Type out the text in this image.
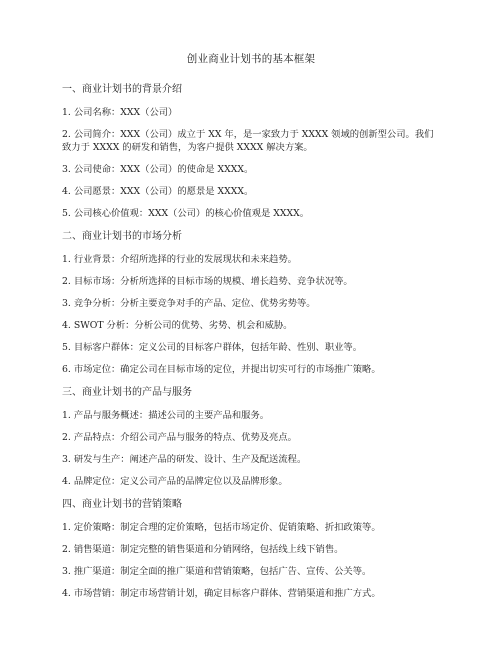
创业商业计划书的基本框架
一、商业计划书的背景介绍
1. 公司名称：XXX（公司）
2. 公司简介：XXX（公司）成立于 XX 年，是一家致力于 XXXX 领域的创新型公司。我们致力于 XXXX 的研发和销售，为客户提供 XXXX 解决方案。
3. 公司使命：XXX（公司）的使命是 XXXX。
4. 公司愿景：XXX（公司）的愿景是 XXXX。
5. 公司核心价值观：XXX（公司）的核心价值观是 XXXX。
二、商业计划书的市场分析
1. 行业背景：介绍所选择的行业的发展现状和未来趋势。
2. 目标市场：分析所选择的目标市场的规模、增长趋势、竞争状况等。
3. 竞争分析：分析主要竞争对手的产品、定位、优势劣势等。
4. SWOT 分析：分析公司的优势、劣势、机会和威胁。
5. 目标客户群体：定义公司的目标客户群体，包括年龄、性别、职业等。
6. 市场定位：确定公司在目标市场的定位，并提出切实可行的市场推广策略。
三、商业计划书的产品与服务
1. 产品与服务概述：描述公司的主要产品和服务。
2. 产品特点：介绍公司产品与服务的特点、优势及亮点。
3. 研发与生产：阐述产品的研发、设计、生产及配送流程。
4. 品牌定位：定义公司产品的品牌定位以及品牌形象。
四、商业计划书的营销策略
1. 定价策略：制定合理的定价策略，包括市场定价、促销策略、折扣政策等。
2. 销售渠道：制定完整的销售渠道和分销网络，包括线上线下销售。
3. 推广渠道：制定全面的推广渠道和营销策略，包括广告、宣传、公关等。
4. 市场营销：制定市场营销计划，确定目标客户群体、营销渠道和推广方式。
